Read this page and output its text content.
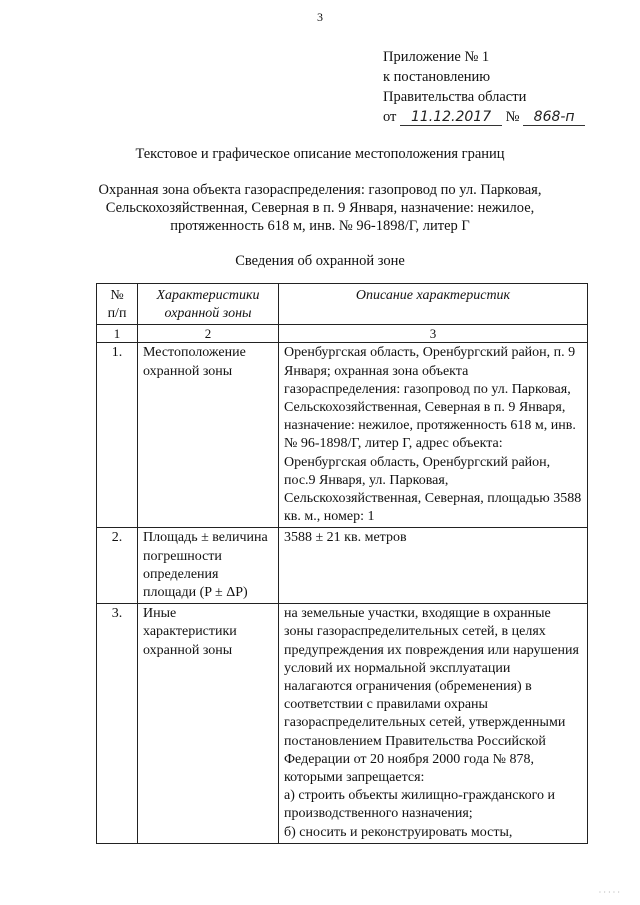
3
Приложение № 1
к постановлению
Правительства области
от 11.12.2017 № 868-п
Текстовое и графическое описание местоположения границ
Охранная зона объекта газораспределения: газопровод по ул. Парковая,
Сельскохозяйственная, Северная в п. 9 Января, назначение: нежилое,
протяженность 618 м, инв. № 96-1898/Г, литер Г
Сведения об охранной зоне
№
п/п	Характеристики охранной зоны	Описание характеристик
1	2	3
1.	Местоположение охранной зоны	Оренбургская область, Оренбургский район, п. 9 Января; охранная зона объекта газораспределения: газопровод по ул. Парковая, Сельскохозяйственная, Северная в п. 9 Января, назначение: нежилое, протяженность 618 м, инв. № 96-1898/Г, литер Г, адрес объекта: Оренбургская область, Оренбургский район, пос.9 Января, ул. Парковая, Сельскохозяйственная, Северная, площадью 3588 кв. м., номер: 1
2.	Площадь ± величина погрешности определения площади (P ± ΔP)	3588 ± 21 кв. метров
3.	Иные характеристики охранной зоны	на земельные участки, входящие в охранные зоны газораспределительных сетей, в целях предупреждения их повреждения или нарушения условий их нормальной эксплуатации налагаются ограничения (обременения) в соответствии с правилами охраны газораспределительных сетей, утвержденными постановлением Правительства Российской Федерации от 20 ноября 2000 года № 878, которыми запрещается:
а) строить объекты жилищно-гражданского и производственного назначения;
б) сносить и реконструировать мосты,
·····
